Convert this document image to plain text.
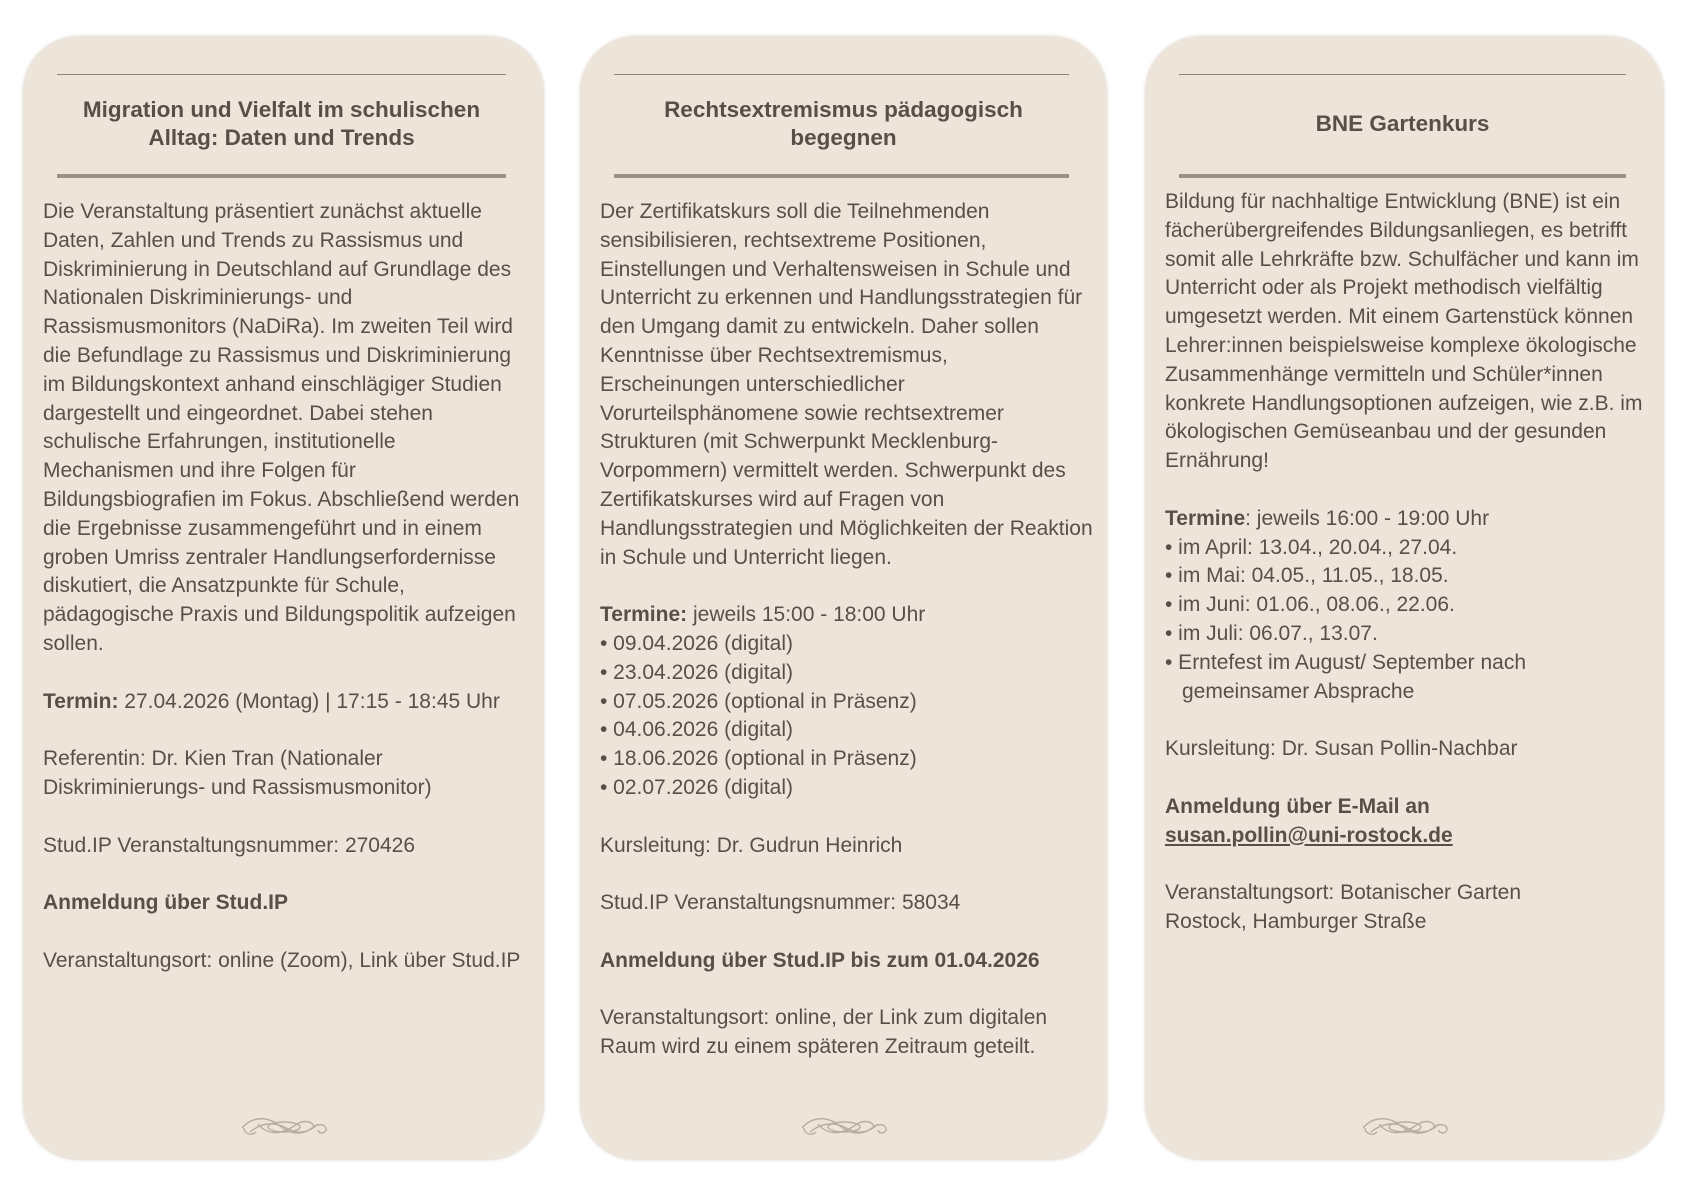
Migration und Vielfalt im schulischen Alltag: Daten und Trends

Die Veranstaltung präsentiert zunächst aktuelle Daten, Zahlen und Trends zu Rassismus und Diskriminierung in Deutschland auf Grundlage des Nationalen Diskriminierungs- und Rassismusmonitors (NaDiRa). Im zweiten Teil wird die Befundlage zu Rassismus und Diskriminierung im Bildungskontext anhand einschlägiger Studien dargestellt und eingeordnet. Dabei stehen schulische Erfahrungen, institutionelle Mechanismen und ihre Folgen für Bildungsbiografien im Fokus. Abschließend werden die Ergebnisse zusammengeführt und in einem groben Umriss zentraler Handlungserfordernisse diskutiert, die Ansatzpunkte für Schule, pädagogische Praxis und Bildungspolitik aufzeigen sollen.

Termin: 27.04.2026 (Montag) | 17:15 - 18:45 Uhr

Referentin: Dr. Kien Tran (Nationaler Diskriminierungs- und Rassismusmonitor)

Stud.IP Veranstaltungsnummer: 270426

Anmeldung über Stud.IP

Veranstaltungsort: online (Zoom), Link über Stud.IP

Rechtsextremismus pädagogisch begegnen

Der Zertifikatskurs soll die Teilnehmenden sensibilisieren, rechtsextreme Positionen, Einstellungen und Verhaltensweisen in Schule und Unterricht zu erkennen und Handlungsstrategien für den Umgang damit zu entwickeln. Daher sollen Kenntnisse über Rechtsextremismus, Erscheinungen unterschiedlicher Vorurteilsphänomene sowie rechtsextremer Strukturen (mit Schwerpunkt Mecklenburg-Vorpommern) vermittelt werden. Schwerpunkt des Zertifikatskurses wird auf Fragen von Handlungsstrategien und Möglichkeiten der Reaktion in Schule und Unterricht liegen.

Termine: jeweils 15:00 - 18:00 Uhr
• 09.04.2026 (digital)
• 23.04.2026 (digital)
• 07.05.2026 (optional in Präsenz)
• 04.06.2026 (digital)
• 18.06.2026 (optional in Präsenz)
• 02.07.2026 (digital)

Kursleitung: Dr. Gudrun Heinrich

Stud.IP Veranstaltungsnummer: 58034

Anmeldung über Stud.IP bis zum 01.04.2026

Veranstaltungsort: online, der Link zum digitalen Raum wird zu einem späteren Zeitraum geteilt.

BNE Gartenkurs

Bildung für nachhaltige Entwicklung (BNE) ist ein fächerübergreifendes Bildungsanliegen, es betrifft somit alle Lehrkräfte bzw. Schulfächer und kann im Unterricht oder als Projekt methodisch vielfältig umgesetzt werden. Mit einem Gartenstück können Lehrer:innen beispielsweise komplexe ökologische Zusammenhänge vermitteln und Schüler*innen konkrete Handlungsoptionen aufzeigen, wie z.B. im ökologischen Gemüseanbau und der gesunden Ernährung!

Termine: jeweils 16:00 - 19:00 Uhr
• im April: 13.04., 20.04., 27.04.
• im Mai: 04.05., 11.05., 18.05.
• im Juni: 01.06., 08.06., 22.06.
• im Juli: 06.07., 13.07.
• Erntefest im August/ September nach gemeinsamer Absprache

Kursleitung: Dr. Susan Pollin-Nachbar

Anmeldung über E-Mail an
susan.pollin@uni-rostock.de

Veranstaltungsort: Botanischer Garten Rostock, Hamburger Straße
